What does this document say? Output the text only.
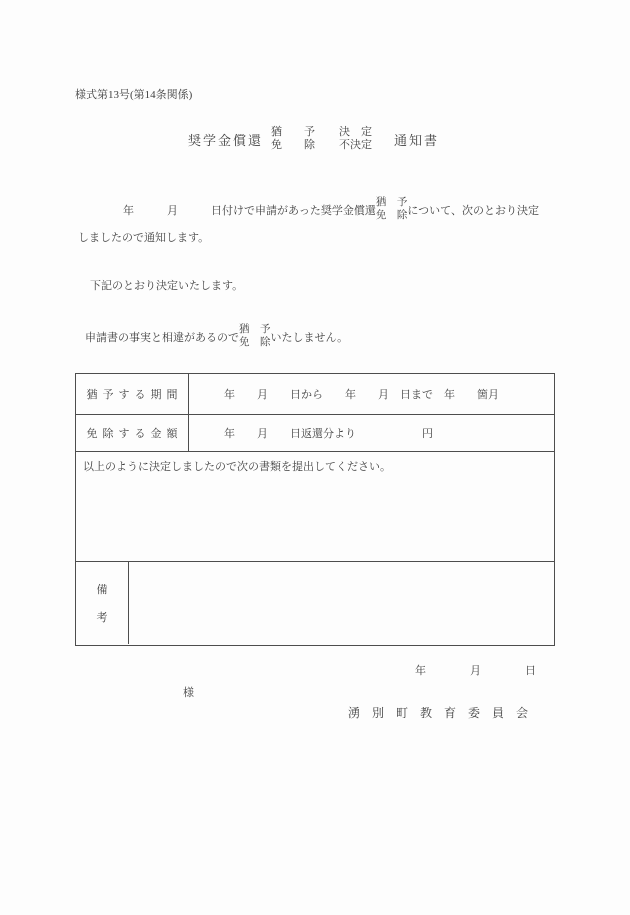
様式第13号(第14条関係)
奨学金償還
猶　　予
免　　除
決　定
不決定 通知書
年　　　月　　　日付けで申請があった奨学金償還
猶　予
免　除 について、次のとおり決定
しましたので通知します。
下記のとおり決定いたします。
申請書の事実と相違があるので
猶　予
免　除 いたしません。
猶予する期間	年　　月　　日から　　年　　月　日まで　年　　箇月
免除する金額	年　　月　　日返還分より　　　　　　円
以上のように決定しましたので次の書類を提出してください。
備
考
年　　　　月　　　　日
様
湧別町教育委員会
